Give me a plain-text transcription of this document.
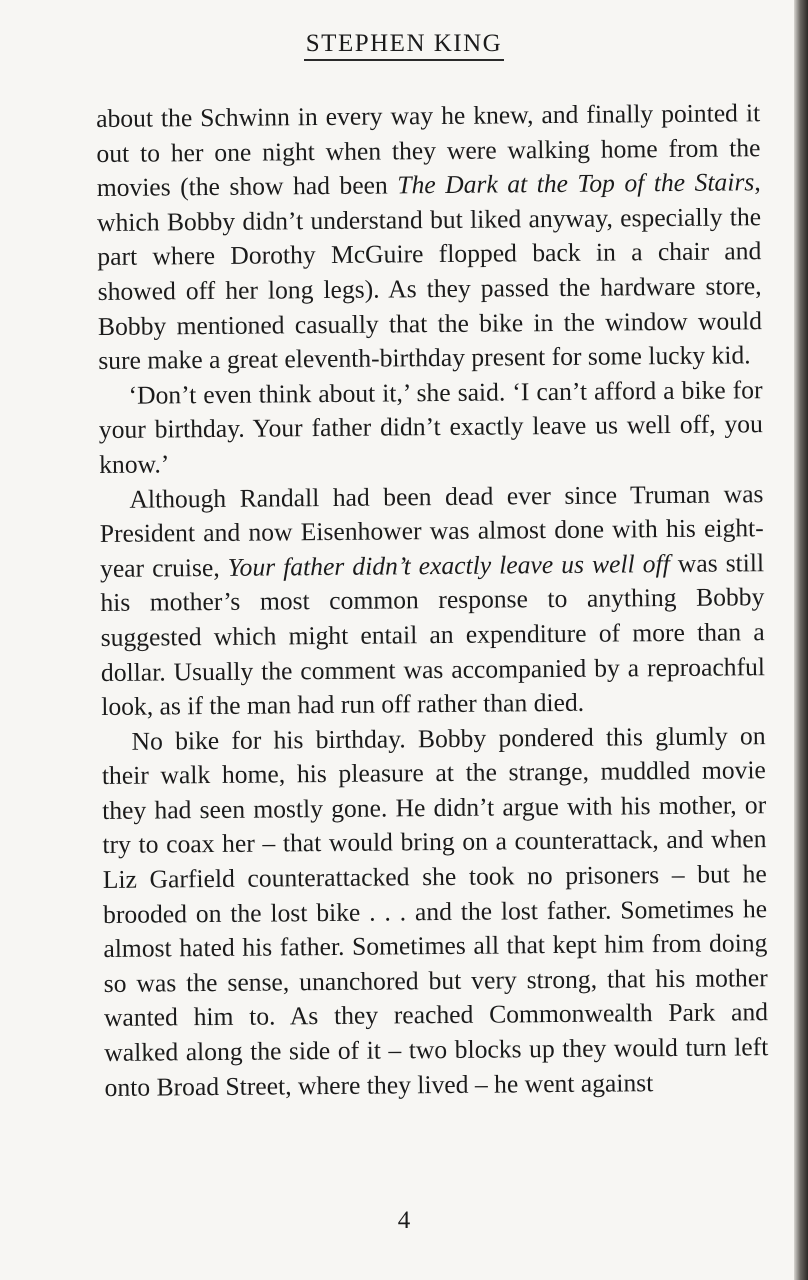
STEPHEN KING

about the Schwinn in every way he knew, and finally pointed it out to her one night when they were walking home from the movies (the show had been The Dark at the Top of the Stairs, which Bobby didn’t understand but liked anyway, especially the part where Dorothy McGuire flopped back in a chair and showed off her long legs). As they passed the hardware store, Bobby mentioned casually that the bike in the window would sure make a great eleventh-birthday present for some lucky kid.

‘Don’t even think about it,’ she said. ‘I can’t afford a bike for your birthday. Your father didn’t exactly leave us well off, you know.’

Although Randall had been dead ever since Truman was President and now Eisenhower was almost done with his eight-year cruise, Your father didn’t exactly leave us well off was still his mother’s most common response to anything Bobby suggested which might entail an expenditure of more than a dollar. Usually the comment was accompanied by a reproachful look, as if the man had run off rather than died.

No bike for his birthday. Bobby pondered this glumly on their walk home, his pleasure at the strange, muddled movie they had seen mostly gone. He didn’t argue with his mother, or try to coax her – that would bring on a counterattack, and when Liz Garfield counterattacked she took no prisoners – but he brooded on the lost bike . . . and the lost father. Sometimes he almost hated his father. Sometimes all that kept him from doing so was the sense, unanchored but very strong, that his mother wanted him to. As they reached Commonwealth Park and walked along the side of it – two blocks up they would turn left onto Broad Street, where they lived – he went against

4
